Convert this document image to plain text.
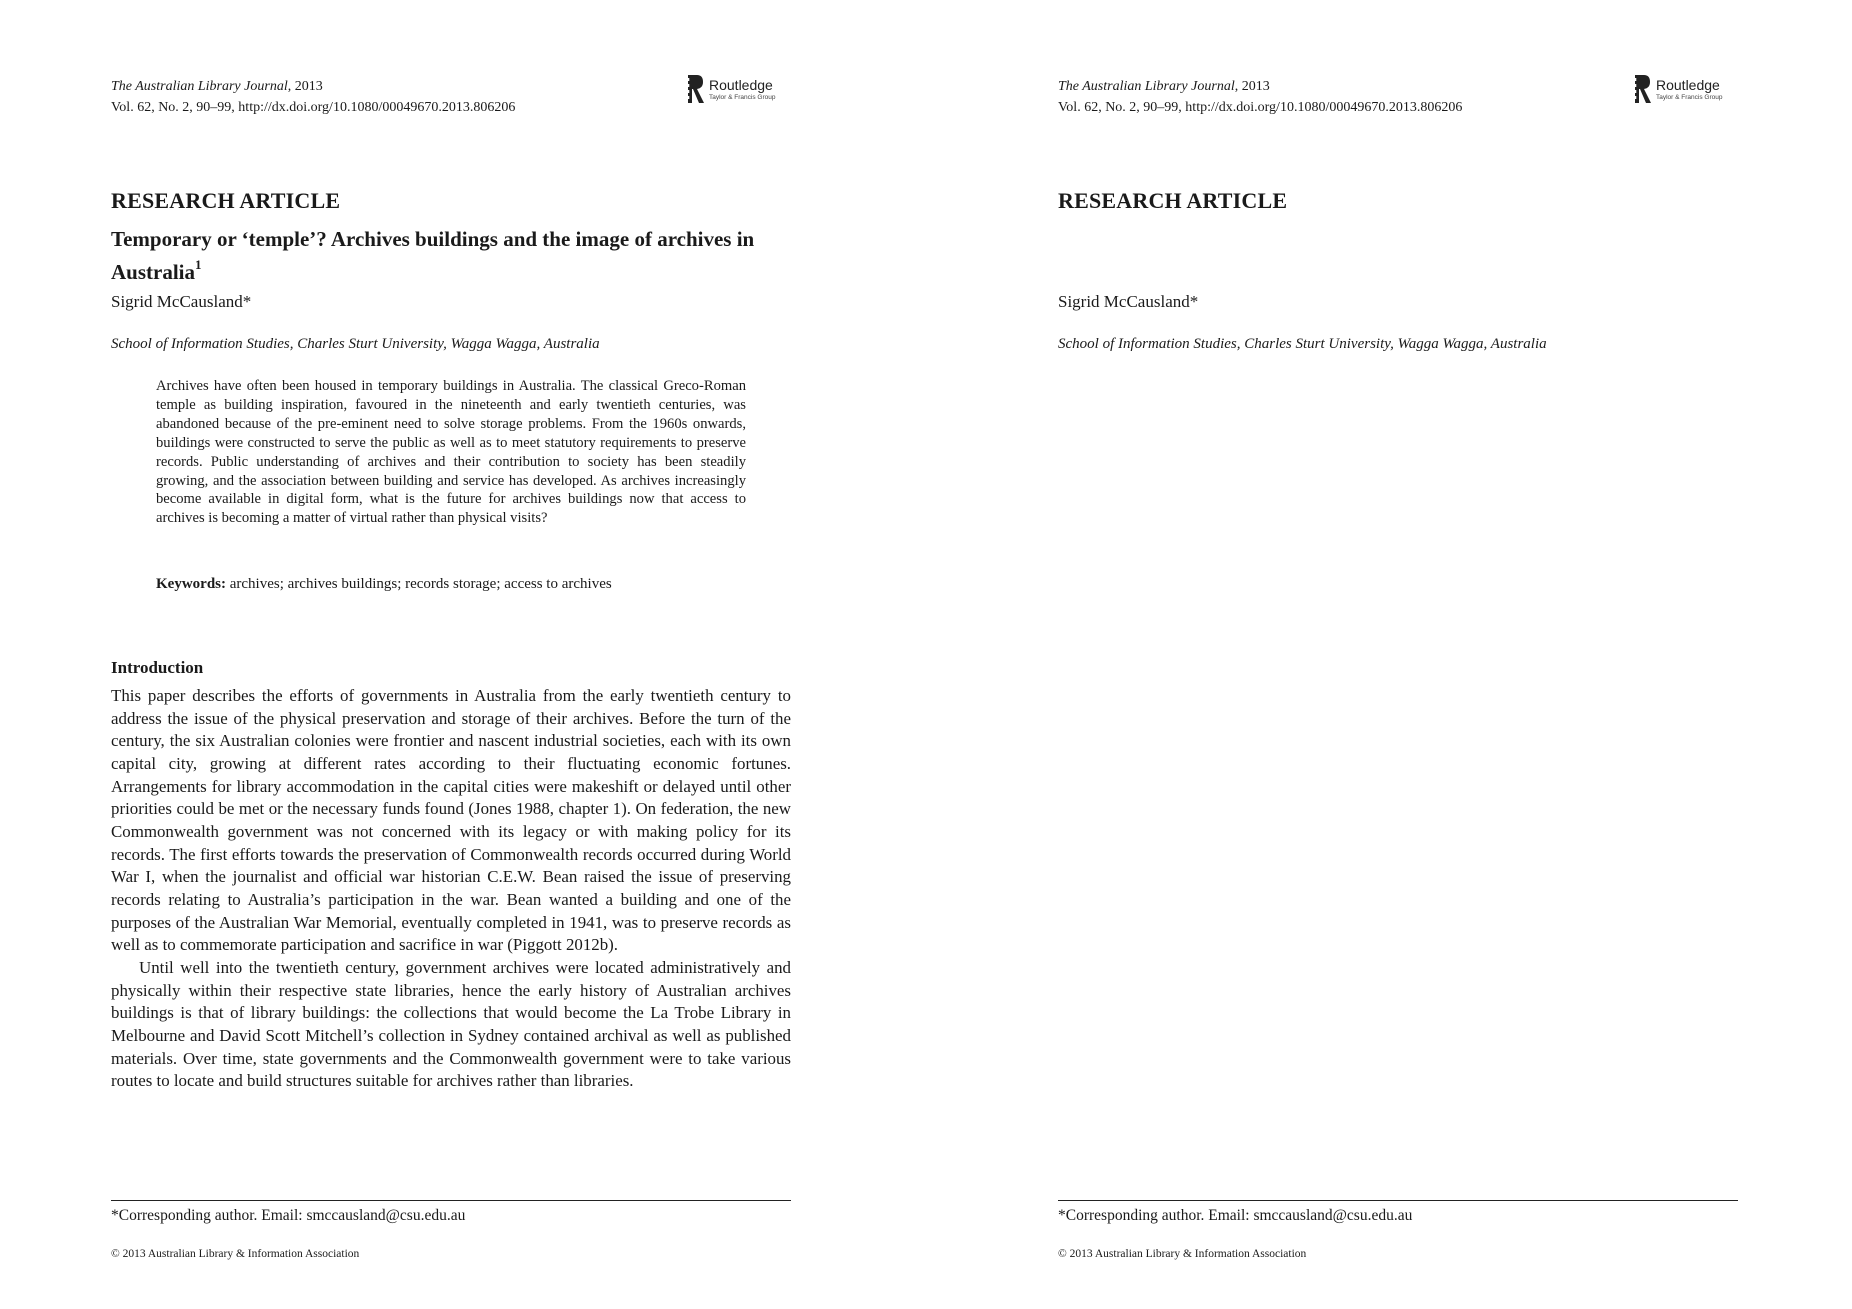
The Australian Library Journal, 2013
Vol. 62, No. 2, 90–99, http://dx.doi.org/10.1080/00049670.2013.806206
Routledge
Taylor & Francis Group
RESEARCH ARTICLE
Temporary or ‘temple’? Archives buildings and the image of archives in Australia$^1$
Sigrid McCausland*
School of Information Studies, Charles Sturt University, Wagga Wagga, Australia

Archives have often been housed in temporary buildings in Australia. The classical Greco-Roman temple as building inspiration, favoured in the nineteenth and early twentieth centuries, was abandoned because of the pre-eminent need to solve storage problems. From the 1960s onwards, buildings were constructed to serve the public as well as to meet statutory requirements to preserve records. Public understanding of archives and their contribution to society has been steadily growing, and the association between building and service has developed. As archives increasingly become available in digital form, what is the future for archives buildings now that access to archives is becoming a matter of virtual rather than physical visits?

Keywords: archives; archives buildings; records storage; access to archives
Introduction

This paper describes the efforts of governments in Australia from the early twentieth century to address the issue of the physical preservation and storage of their archives. Before the turn of the century, the six Australian colonies were frontier and nascent industrial societies, each with its own capital city, growing at different rates according to their fluctuating economic fortunes. Arrangements for library accommodation in the capital cities were makeshift or delayed until other priorities could be met or the necessary funds found (Jones 1988, chapter 1). On federation, the new Commonwealth government was not concerned with its legacy or with making policy for its records. The first efforts towards the preservation of Commonwealth records occurred during World War I, when the journalist and official war historian C.E.W. Bean raised the issue of preserving records relating to Australia’s participation in the war. Bean wanted a building and one of the purposes of the Australian War Memorial, eventually completed in 1941, was to preserve records as well as to commemorate participation and sacrifice in war (Piggott 2012b).

Until well into the twentieth century, government archives were located administratively and physically within their respective state libraries, hence the early history of Australian archives buildings is that of library buildings: the collections that would become the La Trobe Library in Melbourne and David Scott Mitchell’s collection in Sydney contained archival as well as published materials. Over time, state governments and the Commonwealth government were to take various routes to locate and build structures suitable for archives rather than libraries.

*Corresponding author. Email: smccausland@csu.edu.au
© 2013 Australian Library & Information Association
The Australian Library Journal, 2013
Vol. 62, No. 2, 90–99, http://dx.doi.org/10.1080/00049670.2013.806206
Routledge
Taylor & Francis Group
RESEARCH ARTICLE
Sigrid McCausland*
School of Information Studies, Charles Sturt University, Wagga Wagga, Australia
*Corresponding author. Email: smccausland@csu.edu.au
© 2013 Australian Library & Information Association
